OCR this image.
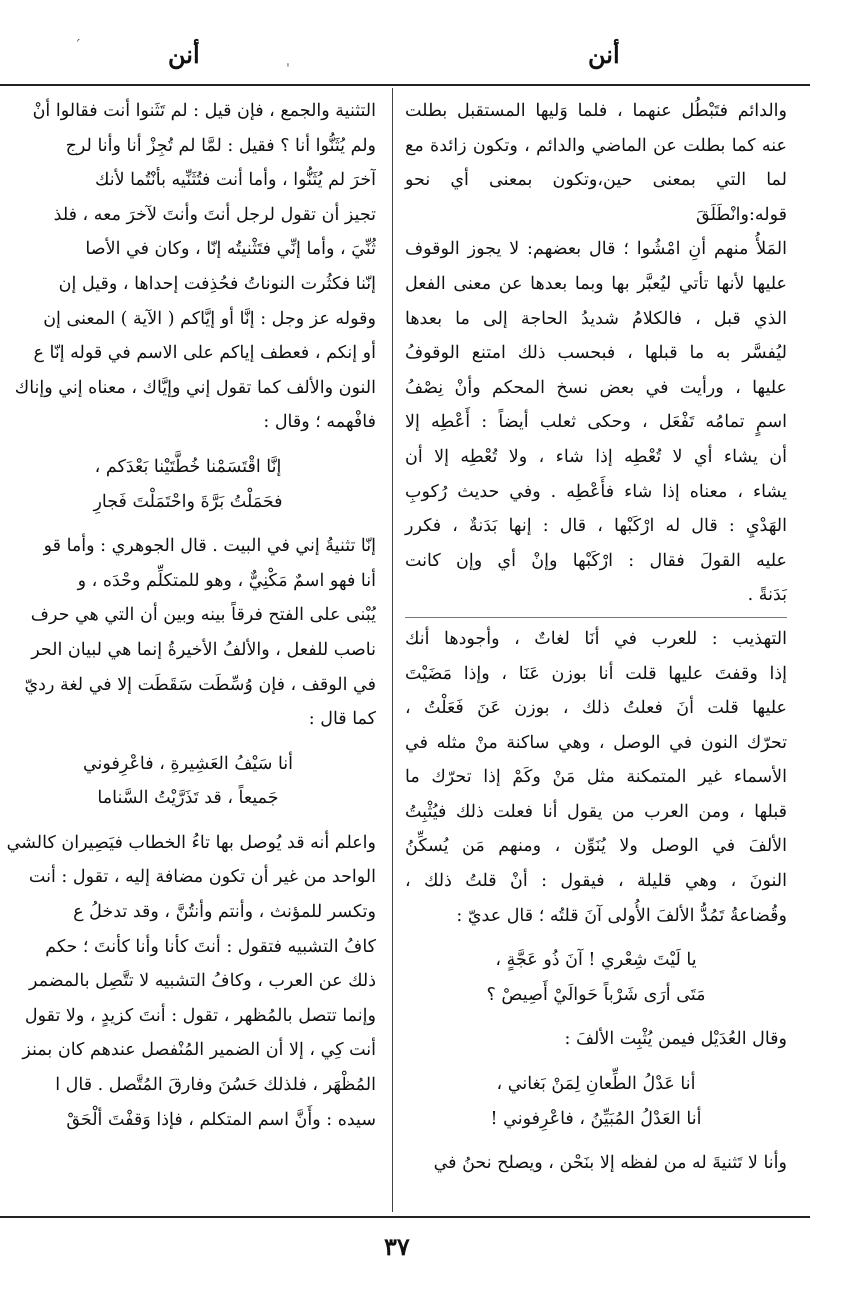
أنن	أنن
ˊ
ˈ
والدائم فتَبْطُل عنهما ، فلما وَليها المستقبل بطلت
عنه كما بطلت عن الماضي والدائم ، وتكون زائدة مع
لما التي بمعنى حين،وتكون بمعنى أي نحو قوله:وانْطَلَقَ
المَلأُ منهم أنِ امْشُوا ؛ قال بعضهم: لا يجوز الوقوف
عليها لأنها تأتي ليُعبَّر بها وبما بعدها عن معنى الفعل
الذي قبل ، فالكلامُ شديدُ الحاجة إلى ما بعدها
ليُفسَّر به ما قبلها ، فبحسب ذلك امتنع الوقوفُ
عليها ، ورأيت في بعض نسخ المحكم وأنْ نِصْفُ
اسمٍ تمامُه تَفْعَل ، وحكى ثعلب أيضاً : أَعْطِه إلا
أن يشاء أي لا تُعْطِه إذا شاء ، ولا تُعْطِه إلا أن
يشاء ، معناه إذا شاء فأَعْطِه . وفي حديث رُكوبِ
الهَدْيِ : قال له ارْكَبْها ، قال : إنها بَدَنةٌ ، فكرر
عليه القولَ فقال : ارْكَبْها وإنْ أي وإن كانت
بَدَنةً .
التهذيب : للعرب في أنَا لغاتٌ ، وأجودها أنك
إذا وقفتَ عليها قلت أنا بوزن عَنَا ، وإذا مَضَيْتَ
عليها قلت أنَ فعلتُ ذلك ، بوزن عَنَ فَعَلْتُ ،
تحرّك النون في الوصل ، وهي ساكنة منْ مثله في
الأسماء غير المتمكنة مثل مَنْ وكَمْ إذا تحرّك ما
قبلها ، ومن العرب من يقول أنا فعلت ذلك فيُثْبِتُ
الألفَ في الوصل ولا يُنَوِّن ، ومنهم مَن يُسكِّنُ
النونَ ، وهي قليلة ، فيقول : أنْ قلتُ ذلك ،
وقُضاعةُ تَمُدُّ الألفَ الأُولى آنَ قلتُه ؛ قال عديّ :
يا لَيْتَ شِعْري ! آنَ ذُو عَجَّةٍ ،
مَتَى أرَى شَرْباً حَوالَيْ أَصِيصْ ؟
وقال العُدَيْل فيمن يُثْبِت الألفَ :
أنا عَدْلُ الطِّعانِ لِمَنْ بَغاني ،
أنا العَدْلُ المُبَيِّنُ ، فاعْرِفوني !
وأنا لا تَثنيةَ له من لفظه إلا بنَحْن ، ويصلح نحنُ في
التثنية والجمع ، فإن قيل : لم تَثَنوا أنت فقالوا أنْ
ولم يُثَنُّوا أنا ؟ فقيل : لمَّا لم تُجِزْ أنا وأنا لرج
آخرَ لم يُثَنُّوا ، وأما أنت فتُثَنِّيه بأنْتُما لأنك
تجيز أن تقول لرجل أنتَ وأنتَ لآخرَ معه ، فلذ
ثُنِّيَ ، وأما إنِّي فتَثْنيتُه إنّا ، وكان في الأصا
إنّنا فكثُرت النوناتُ فحُذِفت إحداها ، وقيل إن
وقوله عز وجل : إنَّا أو إيَّاكم ( الآية ) المعنى إن
أو إنكم ، فعطف إياكم على الاسم في قوله إنّا ع
النون والألف كما تقول إني وإيَّاك ، معناه إني وإناك
فافْهمه ؛ وقال :
إنَّا اقْتَسَمْنا خُطَّتَيْنا بَعْدَكم ،
فحَمَلْتُ بَرَّةَ واحْتَمَلْتَ فَجارِ
إنّا تثنيةُ إني في البيت . قال الجوهري : وأما قو
أنا فهو اسمٌ مَكْنِيٌّ ، وهو للمتكلِّم وحْدَه ، و
يُبْنى على الفتح فرقاً بينه وبين أن التي هي حرف
ناصب للفعل ، والألفُ الأخيرةُ إنما هي لبيان الحر
في الوقف ، فإن وُسِّطَت سَقَطَت إلا في لغة رديّ
كما قال :
أنا سَيْفُ العَشِيرةِ ، فاعْرِفوني
جَميعاً ، قد تَذَرَّيْتُ السَّناما
واعلم أنه قد يُوصل بها تاءُ الخطاب فيَصِيران كالشي
الواحد من غير أن تكون مضافة إليه ، تقول : أنت
وتكسر للمؤنث ، وأنتم وأنتُنَّ ، وقد تدخلُ ع
كافُ التشبيه فتقول : أنتَ كأنا وأنا كأنتَ ؛ حكم
ذلك عن العرب ، وكافُ التشبيه لا تتَّصِل بالمضمر
وإنما تتصل بالمُظهر ، تقول : أنتَ كزيدٍ ، ولا تقول
أنت كِي ، إلا أن الضمير المُنْفصل عندهم كان بمنز
المُظْهَر ، فلذلك حَسُنَ وفارقَ المُتَّصل . قال ا
سيده : وأَنَّ اسم المتكلم ، فإذا وَقفْتَ ألْحَقْ
٣٧
